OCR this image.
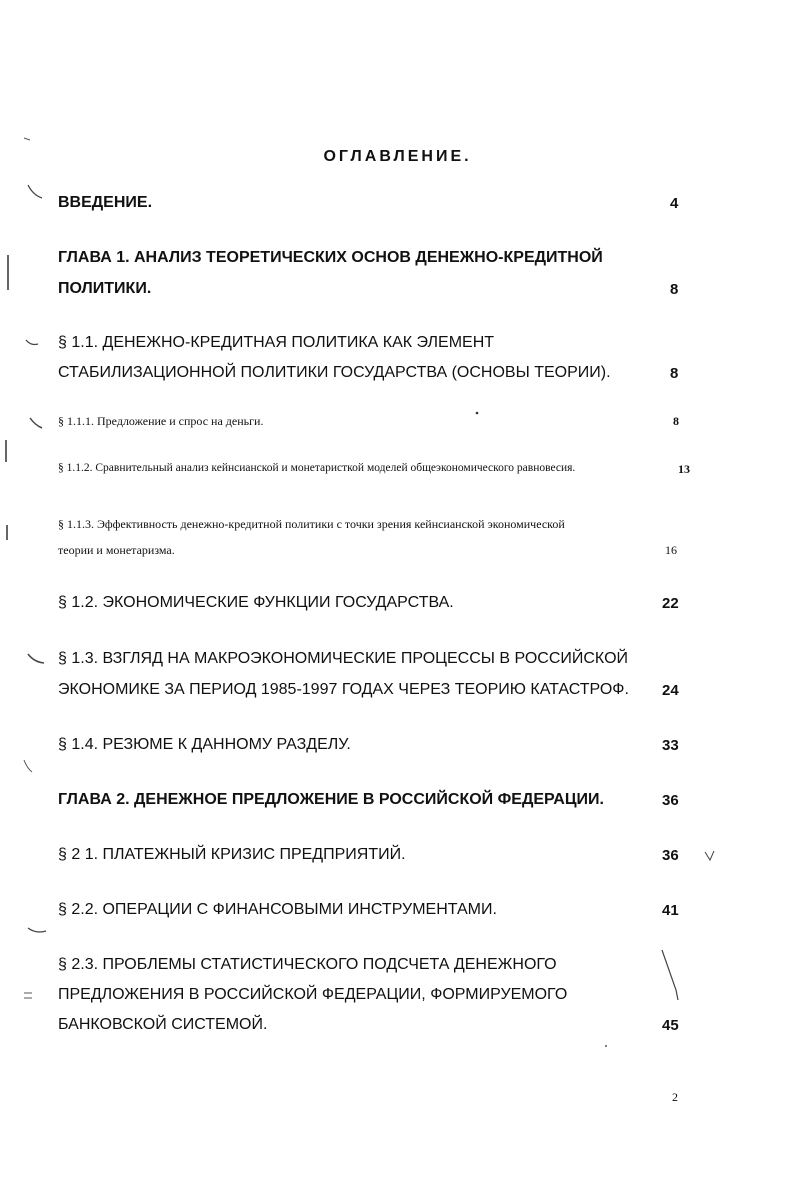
ОГЛАВЛЕНИЕ.
ВВЕДЕНИЕ.	4
ГЛАВА 1. АНАЛИЗ ТЕОРЕТИЧЕСКИХ ОСНОВ ДЕНЕЖНО-КРЕДИТНОЙ
ПОЛИТИКИ.	8
§ 1.1. ДЕНЕЖНО-КРЕДИТНАЯ ПОЛИТИКА КАК ЭЛЕМЕНТ
СТАБИЛИЗАЦИОННОЙ ПОЛИТИКИ ГОСУДАРСТВА (ОСНОВЫ ТЕОРИИ).	8
§ 1.1.1. Предложение и спрос на деньги.	8
§ 1.1.2. Сравнительный анализ кейнсианской и монетаристкой моделей общеэкономического равновесия.	13
§ 1.1.3. Эффективность денежно-кредитной политики с точки зрения кейнсианской экономической
теории и монетаризма.	16
§ 1.2. ЭКОНОМИЧЕСКИЕ ФУНКЦИИ ГОСУДАРСТВА.	22
§ 1.3. ВЗГЛЯД НА МАКРОЭКОНОМИЧЕСКИЕ ПРОЦЕССЫ В РОССИЙСКОЙ
ЭКОНОМИКЕ ЗА ПЕРИОД 1985-1997 ГОДАХ ЧЕРЕЗ ТЕОРИЮ КАТАСТРОФ. 24
§ 1.4. РЕЗЮМЕ К ДАННОМУ РАЗДЕЛУ.	33
ГЛАВА 2. ДЕНЕЖНОЕ ПРЕДЛОЖЕНИЕ В РОССИЙСКОЙ ФЕДЕРАЦИИ.	36
§ 2 1. ПЛАТЕЖНЫЙ КРИЗИС ПРЕДПРИЯТИЙ.	36
§ 2.2. ОПЕРАЦИИ С ФИНАНСОВЫМИ ИНСТРУМЕНТАМИ.	41
§ 2.3. ПРОБЛЕМЫ СТАТИСТИЧЕСКОГО ПОДСЧЕТА ДЕНЕЖНОГО
ПРЕДЛОЖЕНИЯ В РОССИЙСКОЙ ФЕДЕРАЦИИ, ФОРМИРУЕМОГО
БАНКОВСКОЙ СИСТЕМОЙ.	45
2
